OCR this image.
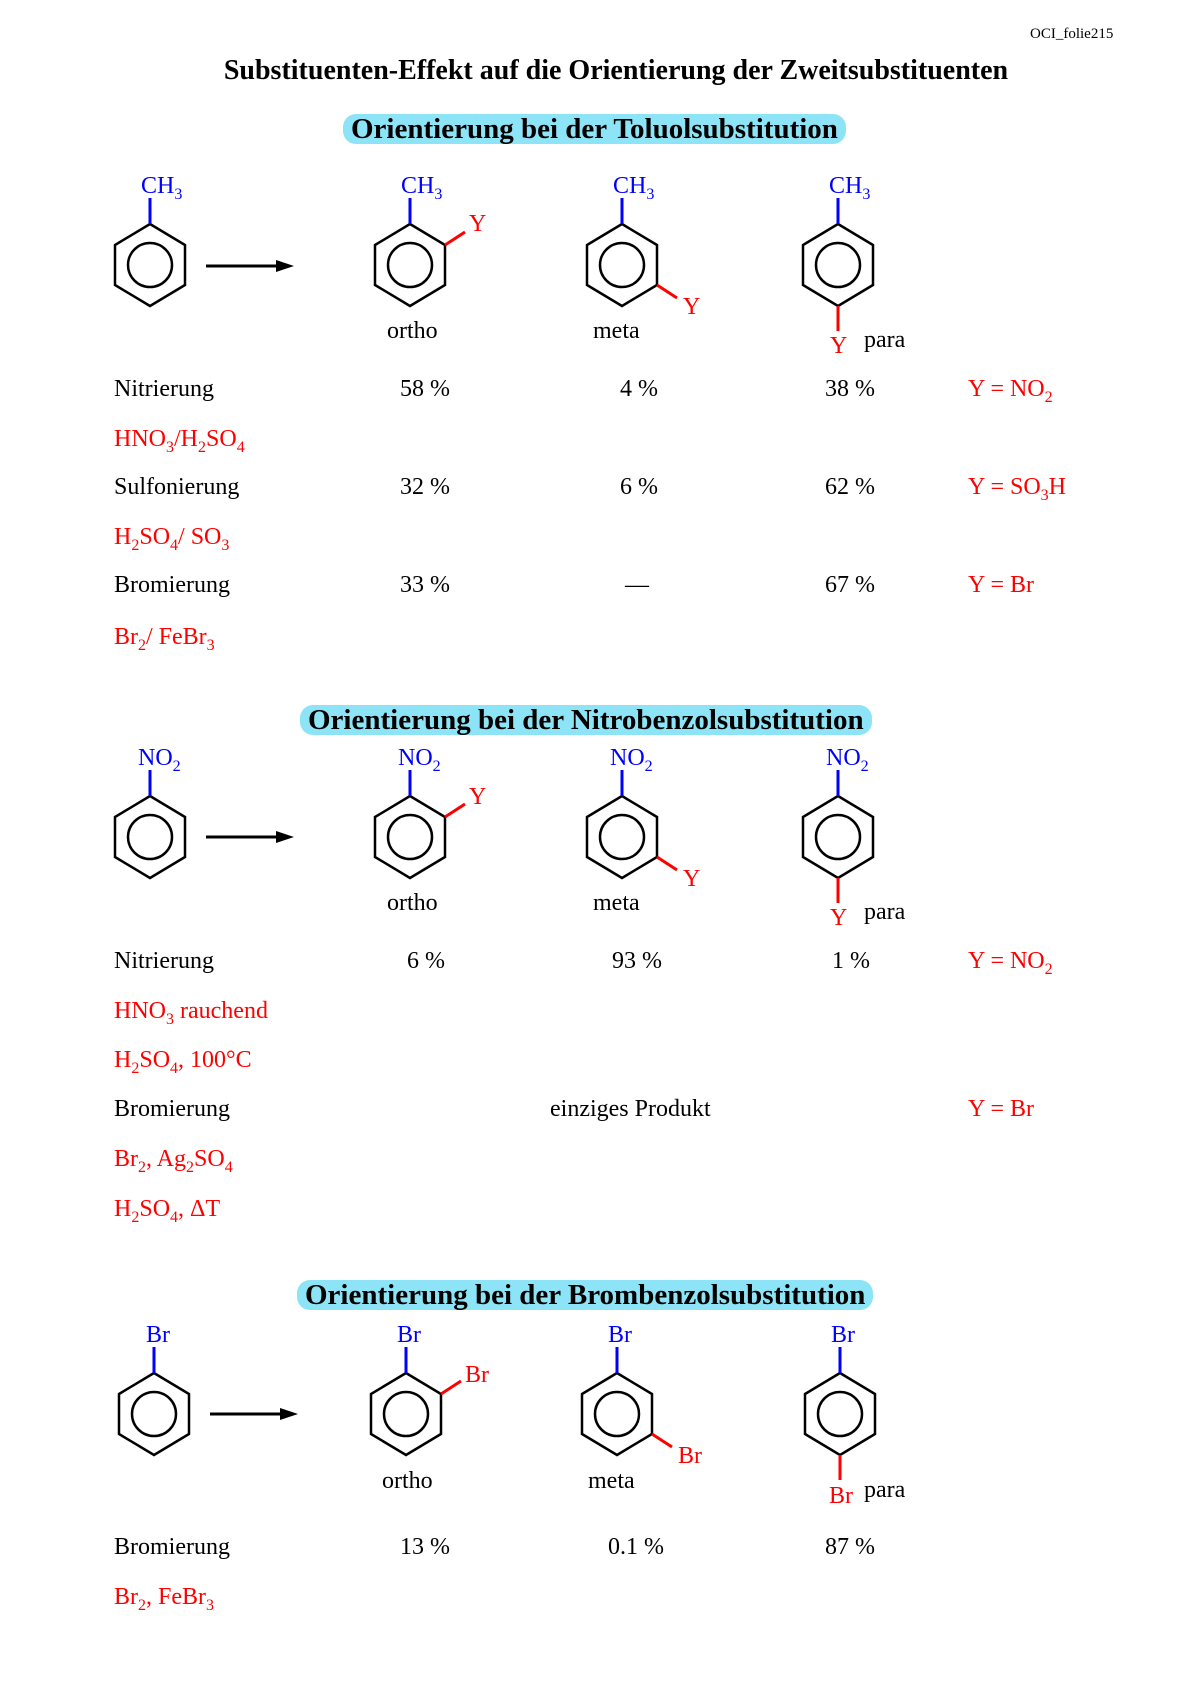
OCI_folie215
Substituenten-Effekt auf die Orientierung der Zweitsubstituenten
Orientierung bei der Toluolsubstitution
$CH_3$	$CH_3$
Y
ortho
$CH_3$
Y
meta
$CH_3$
Y para
Nitrierung	58 %	4 %	38 %	$Y = NO_2$
$HNO_3/H_2SO_4$
Sulfonierung	32 %	6 %	62 %	$Y = SO_3H$
$H_2SO_4/$ $SO_3$
Bromierung	33 %	—	67 %	Y = Br
$Br_2/$ FeBr$_3$
Orientierung bei der Nitrobenzolsubstitution
$NO_2$	$NO_2$
Y
ortho
$NO_2$
Y
meta
$NO_2$
Y para
Nitrierung	6 %	93 %	1 %	$Y = NO_2$
$HNO_3$ rauchend
$H_2SO_4$, 100°C
Bromierung	einziges Produkt	Y = Br
$Br_2$, $Ag_2SO_4$
$H_2SO_4$, ΔT
Orientierung bei der Brombenzolsubstitution
Br	Br
Br
ortho
Br
Br
meta
Br
Br para
Bromierung	13 %	0.1 %	87 %
$Br_2$, FeBr$_3$
